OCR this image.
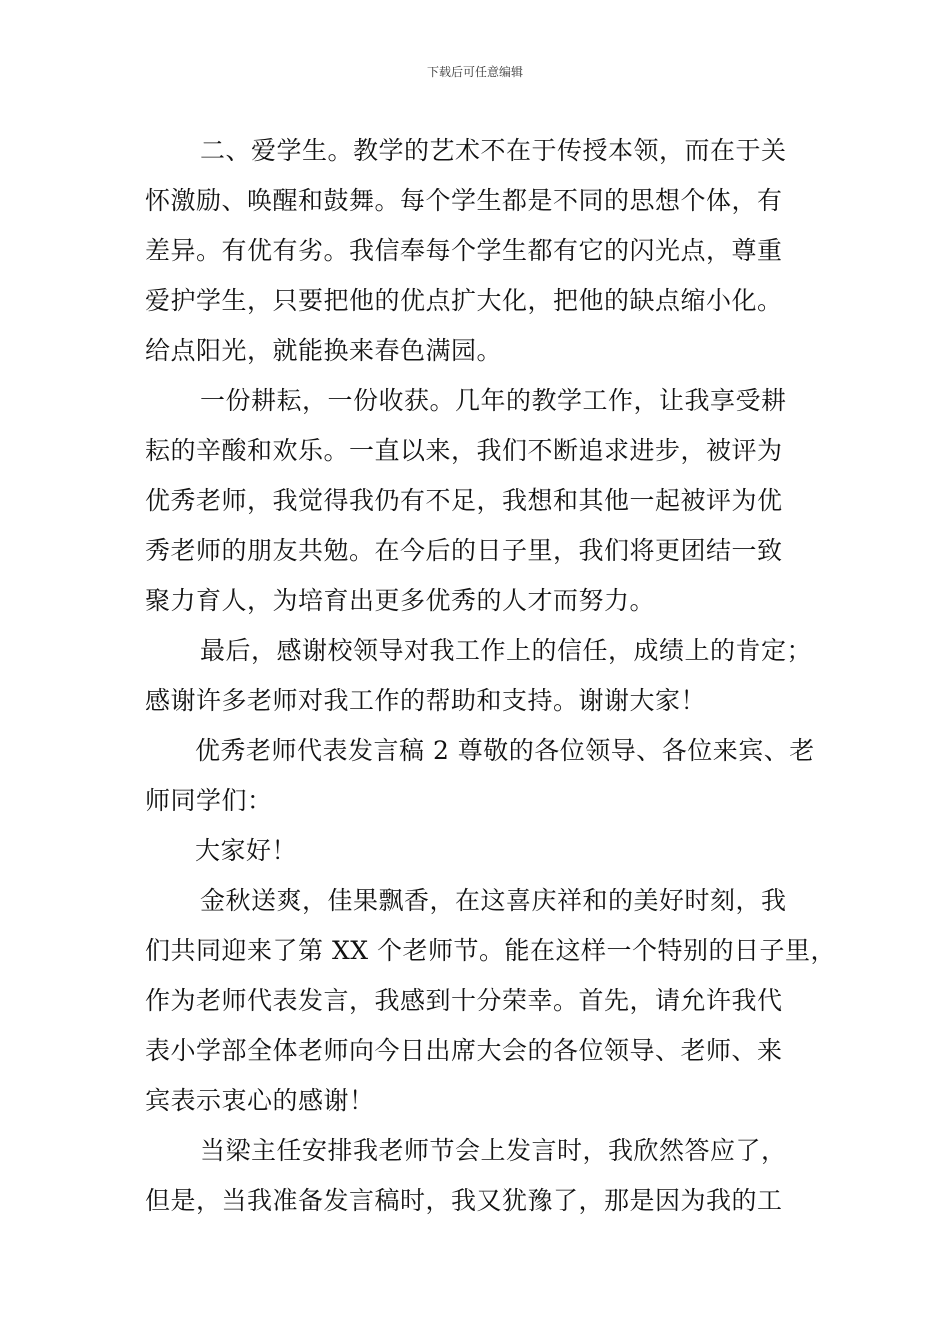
下载后可任意编辑
二、爱学生。教学的艺术不在于传授本领，而在于关
怀激励、唤醒和鼓舞。每个学生都是不同的思想个体，有
差异。有优有劣。我信奉每个学生都有它的闪光点，尊重
爱护学生，只要把他的优点扩大化，把他的缺点缩小化。
给点阳光，就能换来春色满园。
一份耕耘，一份收获。几年的教学工作，让我享受耕
耘的辛酸和欢乐。一直以来，我们不断追求进步，被评为
优秀老师，我觉得我仍有不足，我想和其他一起被评为优
秀老师的朋友共勉。在今后的日子里，我们将更团结一致
聚力育人，为培育出更多优秀的人才而努力。
最后，感谢校领导对我工作上的信任，成绩上的肯定；
感谢许多老师对我工作的帮助和支持。谢谢大家！
优秀老师代表发言稿 2 尊敬的各位领导、各位来宾、老
师同学们：
大家好！
金秋送爽，佳果飘香，在这喜庆祥和的美好时刻，我
们共同迎来了第 XX 个老师节。能在这样一个特别的日子里，
作为老师代表发言，我感到十分荣幸。首先，请允许我代
表小学部全体老师向今日出席大会的各位领导、老师、来
宾表示衷心的感谢！
当梁主任安排我老师节会上发言时，我欣然答应了，
但是，当我准备发言稿时，我又犹豫了，那是因为我的工
